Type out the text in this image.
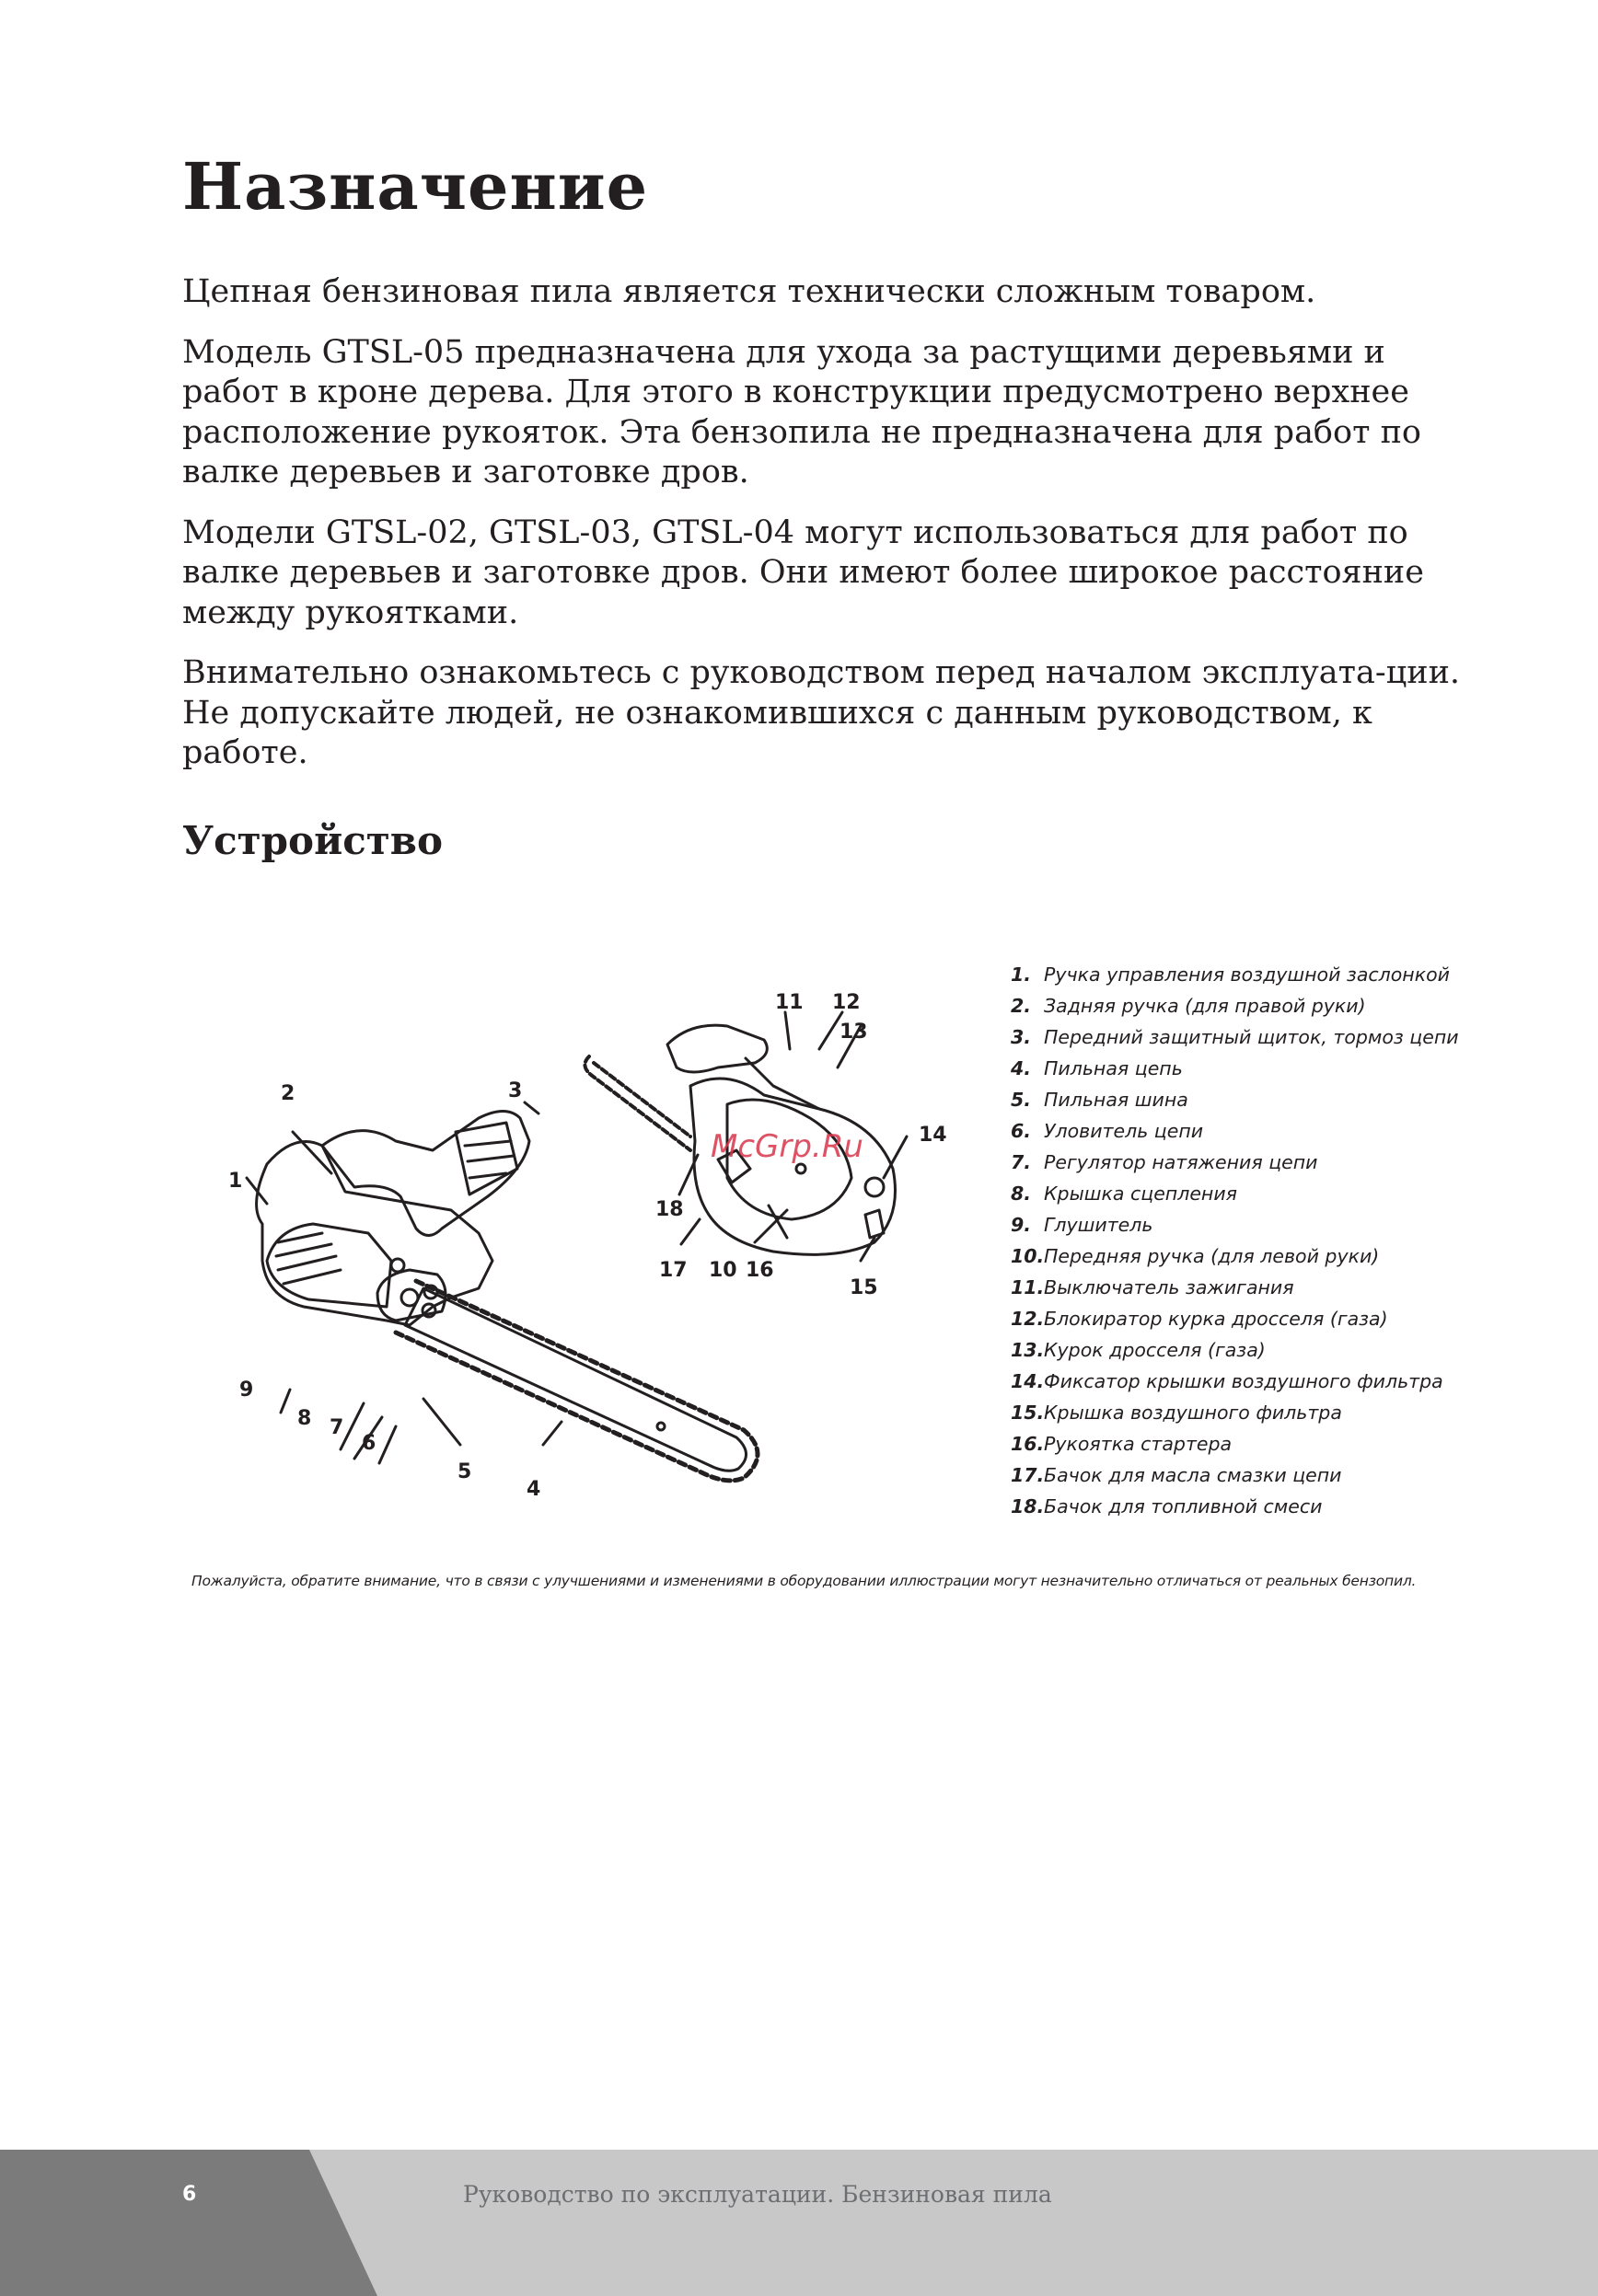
Назначение

Цепная бензиновая пила является технически сложным товаром.

Модель GTSL-05 предназначена для ухода за растущими деревьями и работ в кроне дерева. Для этого в конструкции предусмотрено верхнее расположение рукояток. Эта бензопила не предназначена для работ по валке деревьев и заготовке дров.

Модели GTSL-02, GTSL-03, GTSL-04 могут использоваться для работ по валке деревьев и заготовке дров. Они имеют более широкое расстояние между рукоятками.

Внимательно ознакомьтесь с руководством перед началом эксплуата-ции. Не допускайте людей, не ознакомившихся с данным руководством, к работе.

Устройство
1
2	3
4
5
6
7
8
9
10
11 12
13
14
15
16
17
18
McGrp.Ru
1. Ручка управления воздушной заслонкой
2. Задняя ручка (для правой руки)
3. Передний защитный щиток, тормоз цепи
4. Пильная цепь
5. Пильная шина
6. Уловитель цепи
7. Регулятор натяжения цепи
8. Крышка сцепления
9. Глушитель
10.Передняя ручка (для левой руки)
11.Выключатель зажигания
12.Блокиратор курка дросселя (газа)
13.Курок дросселя (газа)
14.Фиксатор крышки воздушного фильтра
15.Крышка воздушного фильтра
16.Рукоятка стартера
17.Бачок для масла смазки цепи
18.Бачок для топливной смеси
Пожалуйста, обратите внимание, что в связи с улучшениями и изменениями в оборудовании иллюстрации могут незначительно отличаться от реальных бензопил.
6	Руководство по эксплуатации. Бензиновая пила
